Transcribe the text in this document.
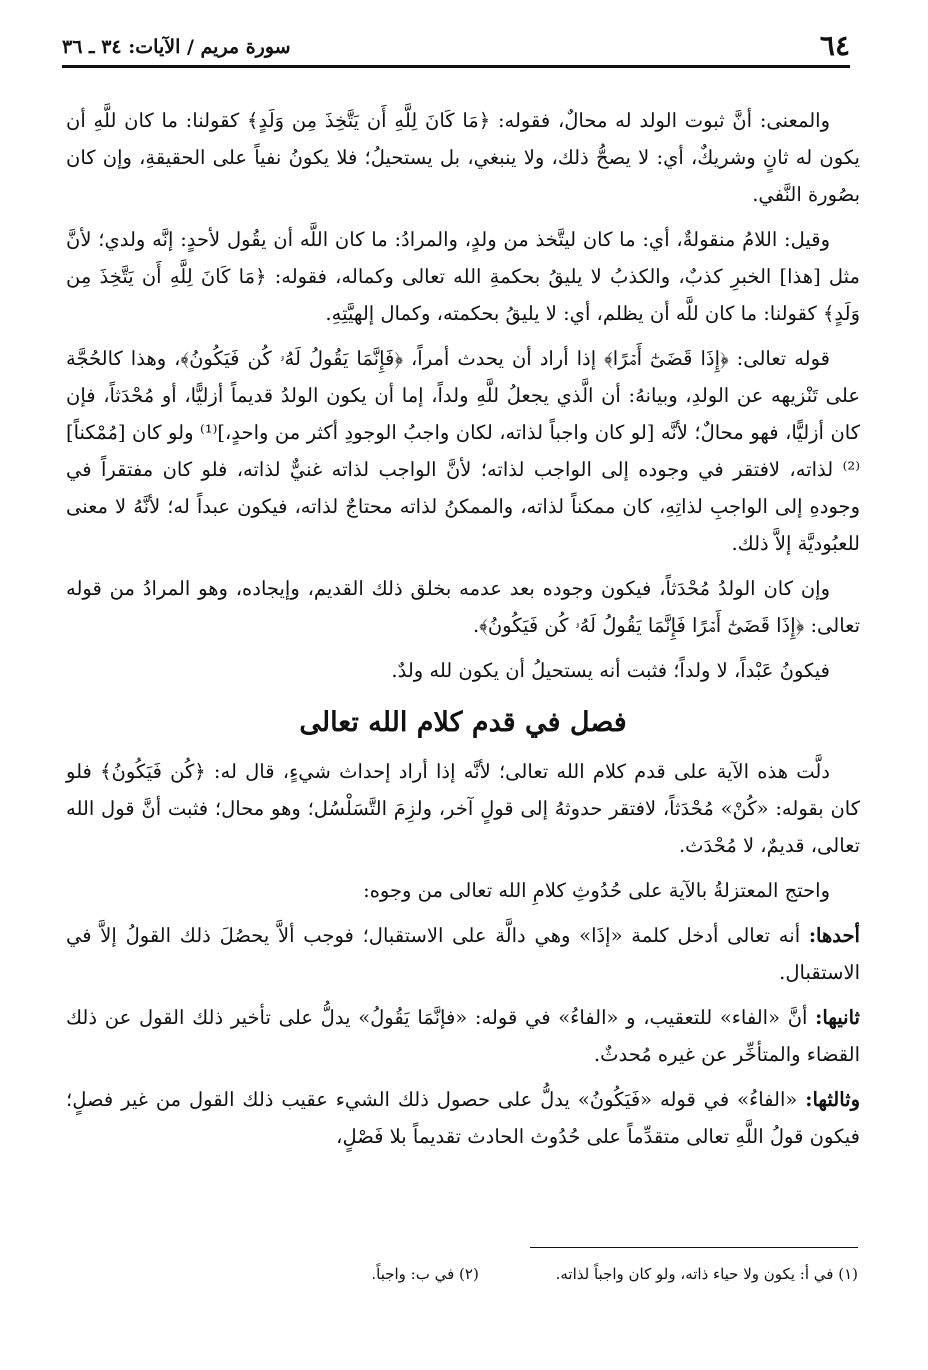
٦٤
سورة مريم / الآيات: ٣٤ ـ ٣٦

والمعنى: أنَّ ثبوت الولد له محالٌ، فقوله: ﴿مَا كَانَ لِلَّهِ أَن يَتَّخِذَ مِن وَلَدٍ﴾ كقولنا: ما كان للَّهِ أن يكون له ثانٍ وشريكٌ، أي: لا يصحُّ ذلك، ولا ينبغي، بل يستحيلُ؛ فلا يكونُ نفياً على الحقيقةِ، وإن كان بصُورة النَّفي.

وقيل: اللامُ منقولةٌ، أي: ما كان ليتَّخذ من ولدٍ، والمرادُ: ما كان اللَّه أن يقُول لأحدٍ: إنَّه ولدي؛ لأنَّ مثل [هذا] الخبرِ كذبٌ، والكذبُ لا يليقُ بحكمةِ الله تعالى وكماله، فقوله: ﴿مَا كَانَ لِلَّهِ أَن يَتَّخِذَ مِن وَلَدٍ﴾ كقولنا: ما كان للَّه أن يظلم، أي: لا يليقُ بحكمته، وكمال إلهيَّتِهِ.

قوله تعالى: ﴿إِذَا قَضَىٰٓ أَمۡرًا﴾ إذا أراد أن يحدث أمراً، ﴿فَإِنَّمَا يَقُولُ لَهُۥ كُن فَيَكُونُ﴾، وهذا كالحُجَّة على تَنْزيهه عن الولدِ، وبيانهُ: أن الَّذي يجعلُ للَّهِ ولداً، إما أن يكون الولدُ قديماً أزليًّا، أو مُحْدَثاً، فإن كان أزليًّا، فهو محالٌ؛ لأنَّه [لو كان واجباً لذاته، لكان واجبُ الوجودِ أكثر من واحدٍ،]⁽¹⁾ ولو كان [مُمْكناً]⁽²⁾ لذاته، لافتقر في وجوده إلى الواجب لذاته؛ لأنَّ الواجب لذاته غنيٌّ لذاته، فلو كان مفتقراً في وجودهِ إلى الواجبِ لذاتِهِ، كان ممكناً لذاته، والممكنُ لذاته محتاجٌ لذاته، فيكون عبداً له؛ لأنَّهُ لا معنى للعبُوديَّة إلاَّ ذلك.

وإن كان الولدُ مُحْدَثاً، فيكون وجوده بعد عدمه بخلق ذلك القديم، وإيجاده، وهو المرادُ من قوله تعالى: ﴿إِذَا قَضَىٰٓ أَمۡرًا فَإِنَّمَا يَقُولُ لَهُۥ كُن فَيَكُونُ﴾.

فيكونُ عَبْداً، لا ولداً؛ فثبت أنه يستحيلُ أن يكون لله ولدٌ.

فصل في قدم كلام الله تعالى

دلَّت هذه الآية على قدم كلام الله تعالى؛ لأنَّه إذا أراد إحداث شيءٍ، قال له: ﴿كُن فَيَكُونُ﴾ فلو كان بقوله: «كُنْ» مُحْدَثاً، لافتقر حدوثهُ إلى قولٍ آخر، ولزِمَ التَّسَلْسُل؛ وهو محال؛ فثبت أنَّ قول الله تعالى، قديمٌ، لا مُحْدَث.

واحتج المعتزلةُ بالآية على حُدُوثِ كلامِ الله تعالى من وجوه:

أحدها: أنه تعالى أدخل كلمة «إذَا» وهي دالَّة على الاستقبال؛ فوجب ألاَّ يحصُلَ ذلك القولُ إلاَّ في الاستقبال.

ثانيها: أنَّ «الفاء» للتعقيب، و «الفاءُ» في قوله: «فإنَّمَا يَقُولُ» يدلُّ على تأخير ذلك القول عن ذلك القضاء والمتأخِّر عن غيره مُحدثٌ.

وثالثها: «الفاءُ» في قوله «فَيَكُونُ» يدلُّ على حصول ذلك الشيء عقيب ذلك القول من غير فصلٍ؛ فيكون قولُ اللَّهِ تعالى متقدِّماً على حُدُوث الحادث تقديماً بلا فَصْلٍ،

(١) في أ: يكون ولا حياء ذاته، ولو كان واجباً لذاته. (٢) في ب: واجباً.
